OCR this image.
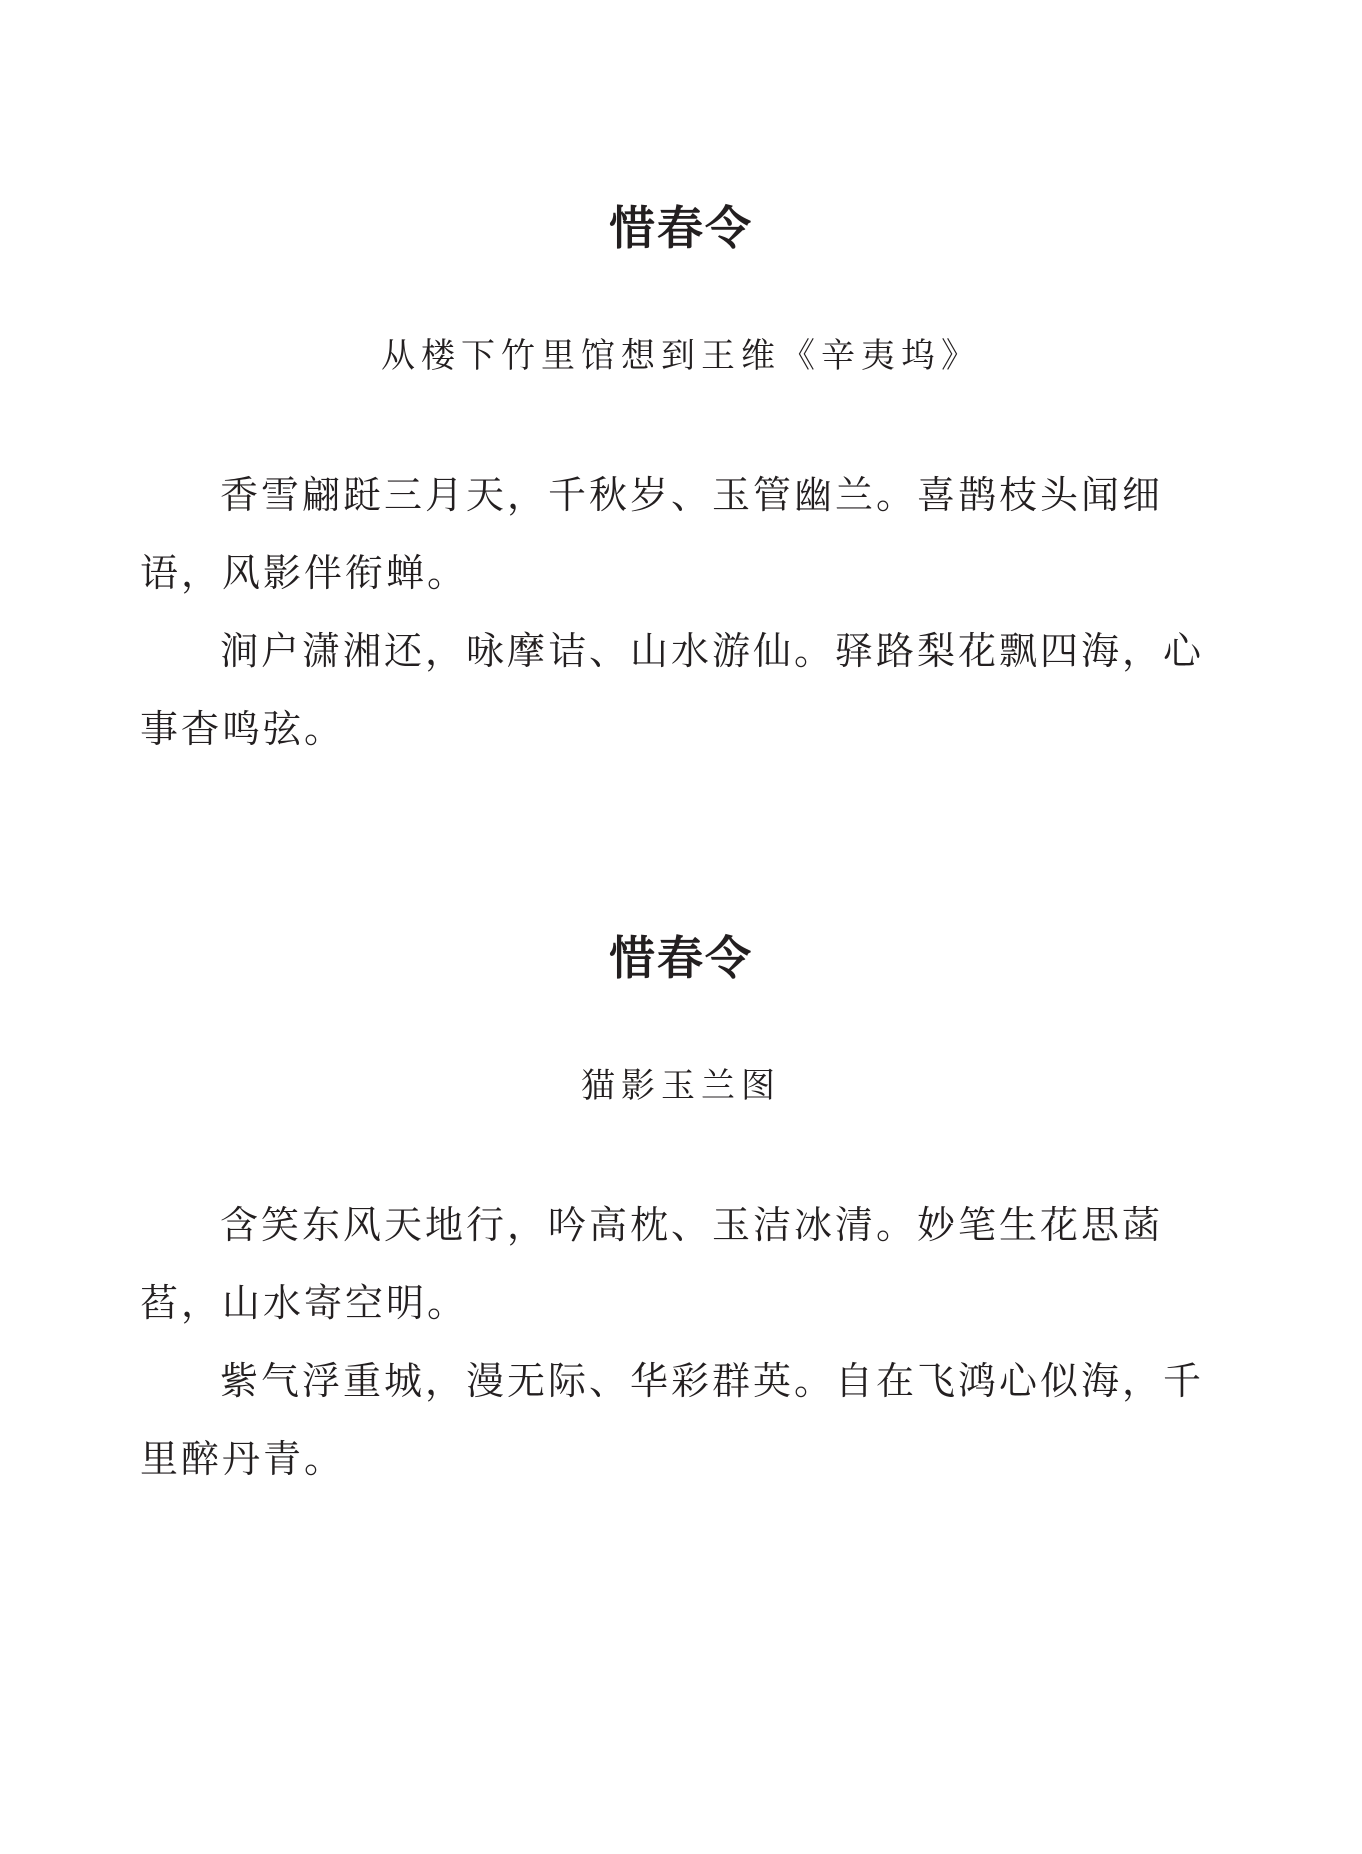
惜春令
从楼下竹里馆想到王维《辛夷坞》

香雪翩跹三月天，千秋岁、玉管幽兰。喜鹊枝头闻细语，风影伴衔蝉。

涧户潇湘还，咏摩诘、山水游仙。驿路梨花飘四海，心事杳鸣弦。

惜春令
猫影玉兰图

含笑东风天地行，吟高枕、玉洁冰清。妙笔生花思菡萏，山水寄空明。

紫气浮重城，漫无际、华彩群英。自在飞鸿心似海，千里醉丹青。
